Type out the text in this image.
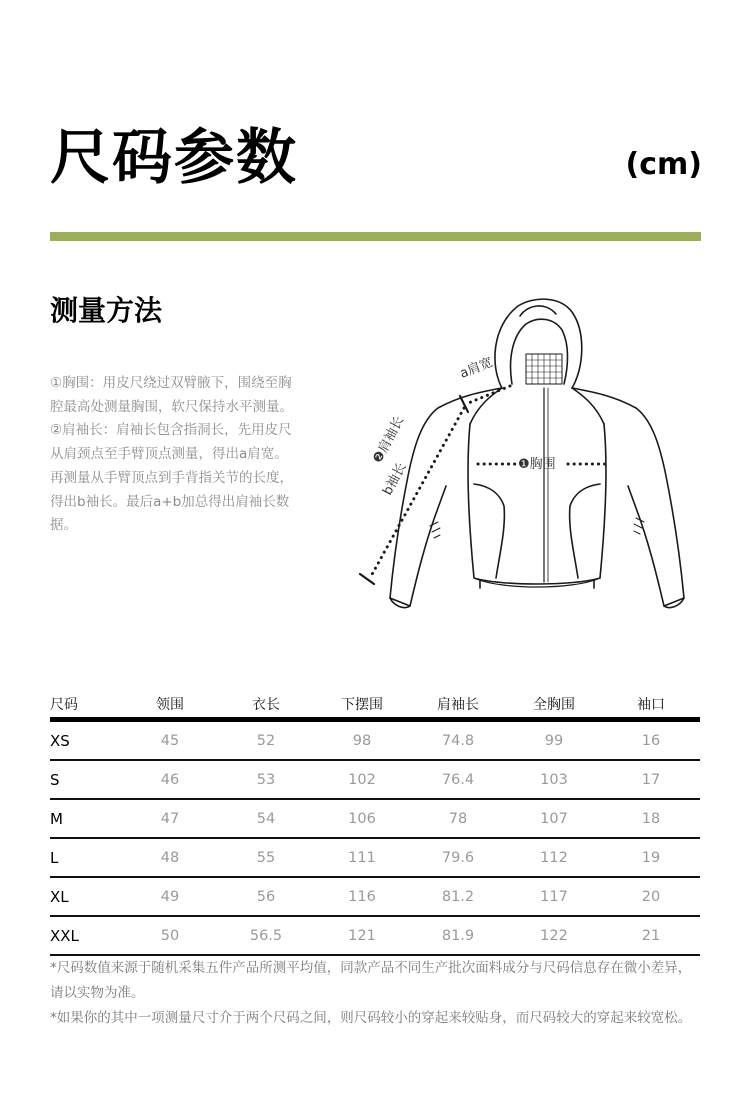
尺码参数	(cm)
测量方法

①胸围：用皮尺绕过双臂腋下，围绕至胸腔最高处测量胸围，软尺保持水平测量。

②肩袖长：肩袖长包含指洞长，先用皮尺从肩颈点至手臂顶点测量，得出a肩宽。再测量从手臂顶点到手背指关节的长度，得出b袖长。最后a+b加总得出肩袖长数据。

a肩宽
❷肩袖长
b袖长	❶胸围
尺码	领围	衣长	下摆围	肩袖长	全胸围	袖口
XS	45	52	98	74.8	99	16
S	46	53	102	76.4	103	17
M	47	54	106	78	107	18
L	48	55	111	79.6	112	19
XL	49	56	116	81.2	117	20
XXL	50	56.5	121	81.9	122	21

*尺码数值来源于随机采集五件产品所测平均值，同款产品不同生产批次面料成分与尺码信息存在微小差异，请以实物为准。

*如果你的其中一项测量尺寸介于两个尺码之间，则尺码较小的穿起来较贴身，而尺码较大的穿起来较宽松。
